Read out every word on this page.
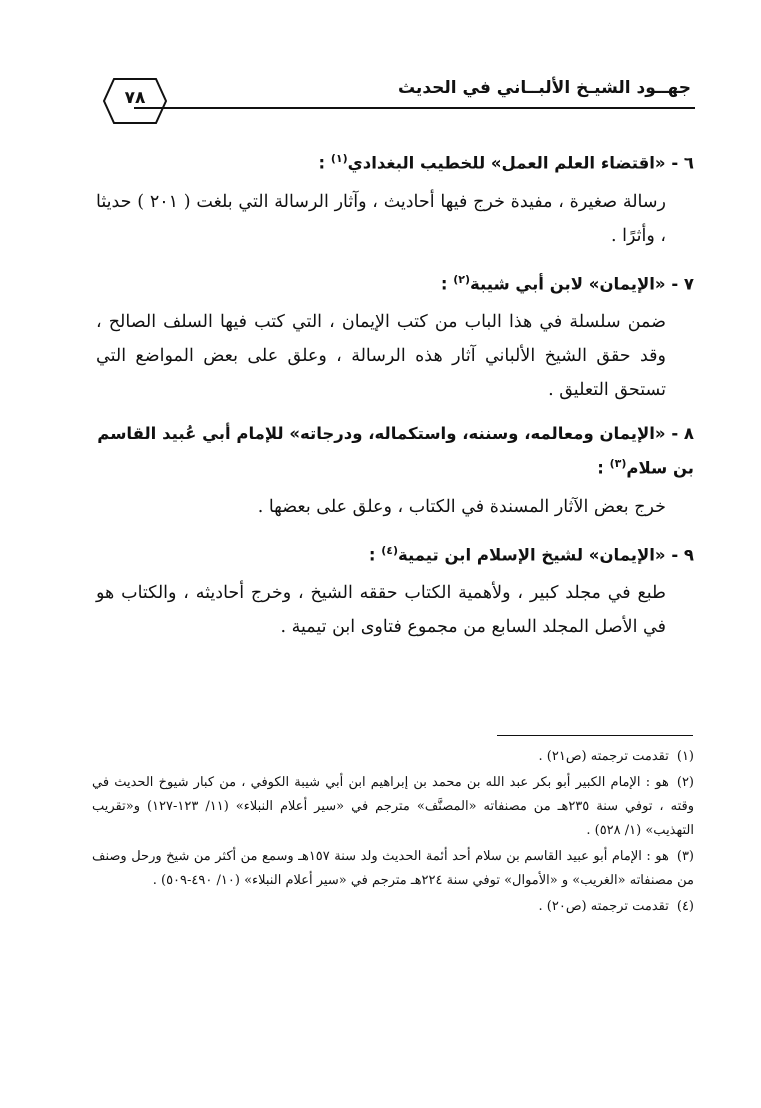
جهــود الشيـخ الألبــاني في الحديث
٧٨

٦ - «اقتضاء العلم العمل» للخطيب البغدادي$^{(١)}$ :

رسالة صغيرة ، مفيدة خرج فيها أحاديث ، وآثار الرسالة التي بلغت ( ٢٠١ ) حديثا ، وأثرًا .

٧ - «الإيمان» لابن أبي شيبة$^{(٢)}$ :

ضمن سلسلة في هذا الباب من كتب الإيمان ، التي كتب فيها السلف الصالح ، وقد حقق الشيخ الألباني آثار هذه الرسالة ، وعلق على بعض المواضع التي تستحق التعليق .

٨ - «الإيمان ومعالمه، وسننه، واستكماله، ودرجاته» للإمام أبي عُبيد القاسم بن سلام$^{(٣)}$ :

خرج بعض الآثار المسندة في الكتاب ، وعلق على بعضها .

٩ - «الإيمان» لشيخ الإسلام ابن تيمية$^{(٤)}$ :

طبع في مجلد كبير ، ولأهمية الكتاب حققه الشيخ ، وخرج أحاديثه ، والكتاب هو في الأصل المجلد السابع من مجموع فتاوى ابن تيمية .

(١)تقدمت ترجمته (ص٢١) .

(٢)هو : الإمام الكبير أبو بكر عبد الله بن محمد بن إبراهيم ابن أبي شيبة الكوفي ، من كبار شيوخ الحديث في وقته ، توفي سنة ٢٣٥هـ من مصنفاته «المصنَّف» مترجم في «سير أعلام النبلاء» (١١/ ١٢٣-١٢٧) و«تقريب التهذيب» (١/ ٥٢٨) .

(٣)هو : الإمام أبو عبيد القاسم بن سلام أحد أئمة الحديث ولد سنة ١٥٧هـ وسمع من أكثر من شيخ ورحل وصنف من مصنفاته «الغريب» و «الأموال» توفي سنة ٢٢٤هـ مترجم في «سير أعلام النبلاء» (١٠/ ٤٩٠-٥٠٩) .

(٤)تقدمت ترجمته (ص٢٠) .
